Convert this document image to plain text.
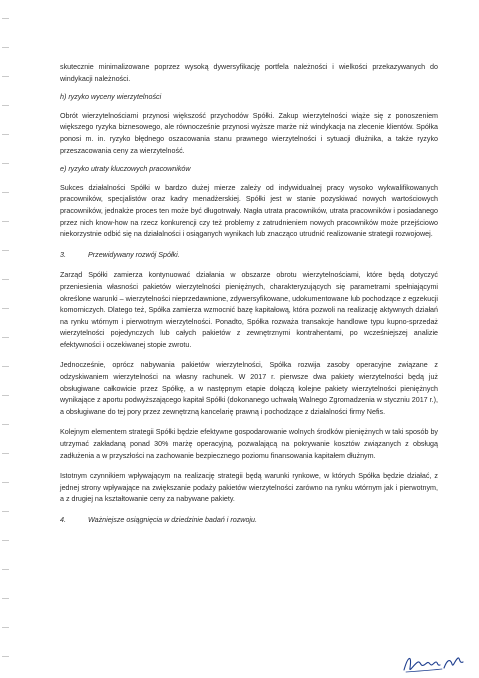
skutecznie minimalizowane poprzez wysoką dywersyfikację portfela należności i wielkości przekazywanych do windykacji należności.

h) ryzyko wyceny wierzytelności

Obrót wierzytelnościami przynosi większość przychodów Spółki. Zakup wierzytelności wiąże się z ponoszeniem większego ryzyka biznesowego, ale równocześnie przynosi wyższe marże niż windykacja na zlecenie klientów. Spółka ponosi m. in. ryzyko błędnego oszacowania stanu prawnego wierzytelności i sytuacji dłużnika, a także ryzyko przeszacowania ceny za wierzytelność.

e) ryzyko utraty kluczowych pracowników

Sukces działalności Spółki w bardzo dużej mierze zależy od indywidualnej pracy wysoko wykwalifikowanych pracowników, specjalistów oraz kadry menadżerskiej. Spółki jest w stanie pozyskiwać nowych wartościowych pracowników, jednakże proces ten może być długotrwały. Nagła utrata pracowników, utrata pracowników i posiadanego przez nich know-how na rzecz konkurencji czy też problemy z zatrudnieniem nowych pracowników może przejściowo niekorzystnie odbić się na działalności i osiąganych wynikach lub znacząco utrudnić realizowanie strategii rozwojowej.

3.	Przewidywany rozwój Spółki.

Zarząd Spółki zamierza kontynuować działania w obszarze obrotu wierzytelnościami, które będą dotyczyć przeniesienia własności pakietów wierzytelności pieniężnych, charakteryzujących się parametrami spełniającymi określone warunki – wierzytelności nieprzedawnione, zdywersyfikowane, udokumentowane lub pochodzące z egzekucji komorniczych. Dlatego też, Spółka zamierza wzmocnić bazę kapitałową, która pozwoli na realizację aktywnych działań na rynku wtórnym i pierwotnym wierzytelności. Ponadto, Spółka rozważa transakcje handlowe typu kupno-sprzedaż wierzytelności pojedynczych lub całych pakietów z zewnętrznymi kontrahentami, po wcześniejszej analizie efektywności i oczekiwanej stopie zwrotu.

Jednocześnie, oprócz nabywania pakietów wierzytelności, Spółka rozwija zasoby operacyjne związane z odzyskiwaniem wierzytelności na własny rachunek. W 2017 r. pierwsze dwa pakiety wierzytelności będą już obsługiwane całkowicie przez Spółkę, a w następnym etapie dołączą kolejne pakiety wierzytelności pieniężnych wynikające z aportu podwyższającego kapitał Spółki (dokonanego uchwałą Walnego Zgromadzenia w styczniu 2017 r.), a obsługiwane do tej pory przez zewnętrzną kancelarię prawną i pochodzące z działalności firmy Nefis.

Kolejnym elementem strategii Spółki będzie efektywne gospodarowanie wolnych środków pieniężnych w taki sposób by utrzymać zakładaną ponad 30% marżę operacyjną, pozwalającą na pokrywanie kosztów związanych z obsługą zadłużenia a w przyszłości na zachowanie bezpiecznego poziomu finansowania kapitałem dłużnym.

Istotnym czynnikiem wpływającym na realizację strategii będą warunki rynkowe, w których Spółka będzie działać, z jednej strony wpływające na zwiększanie podaży pakietów wierzytelności zarówno na rynku wtórnym jak i pierwotnym, a z drugiej na kształtowanie ceny za nabywane pakiety.

4.	Ważniejsze osiągnięcia w dziedzinie badań i rozwoju.
